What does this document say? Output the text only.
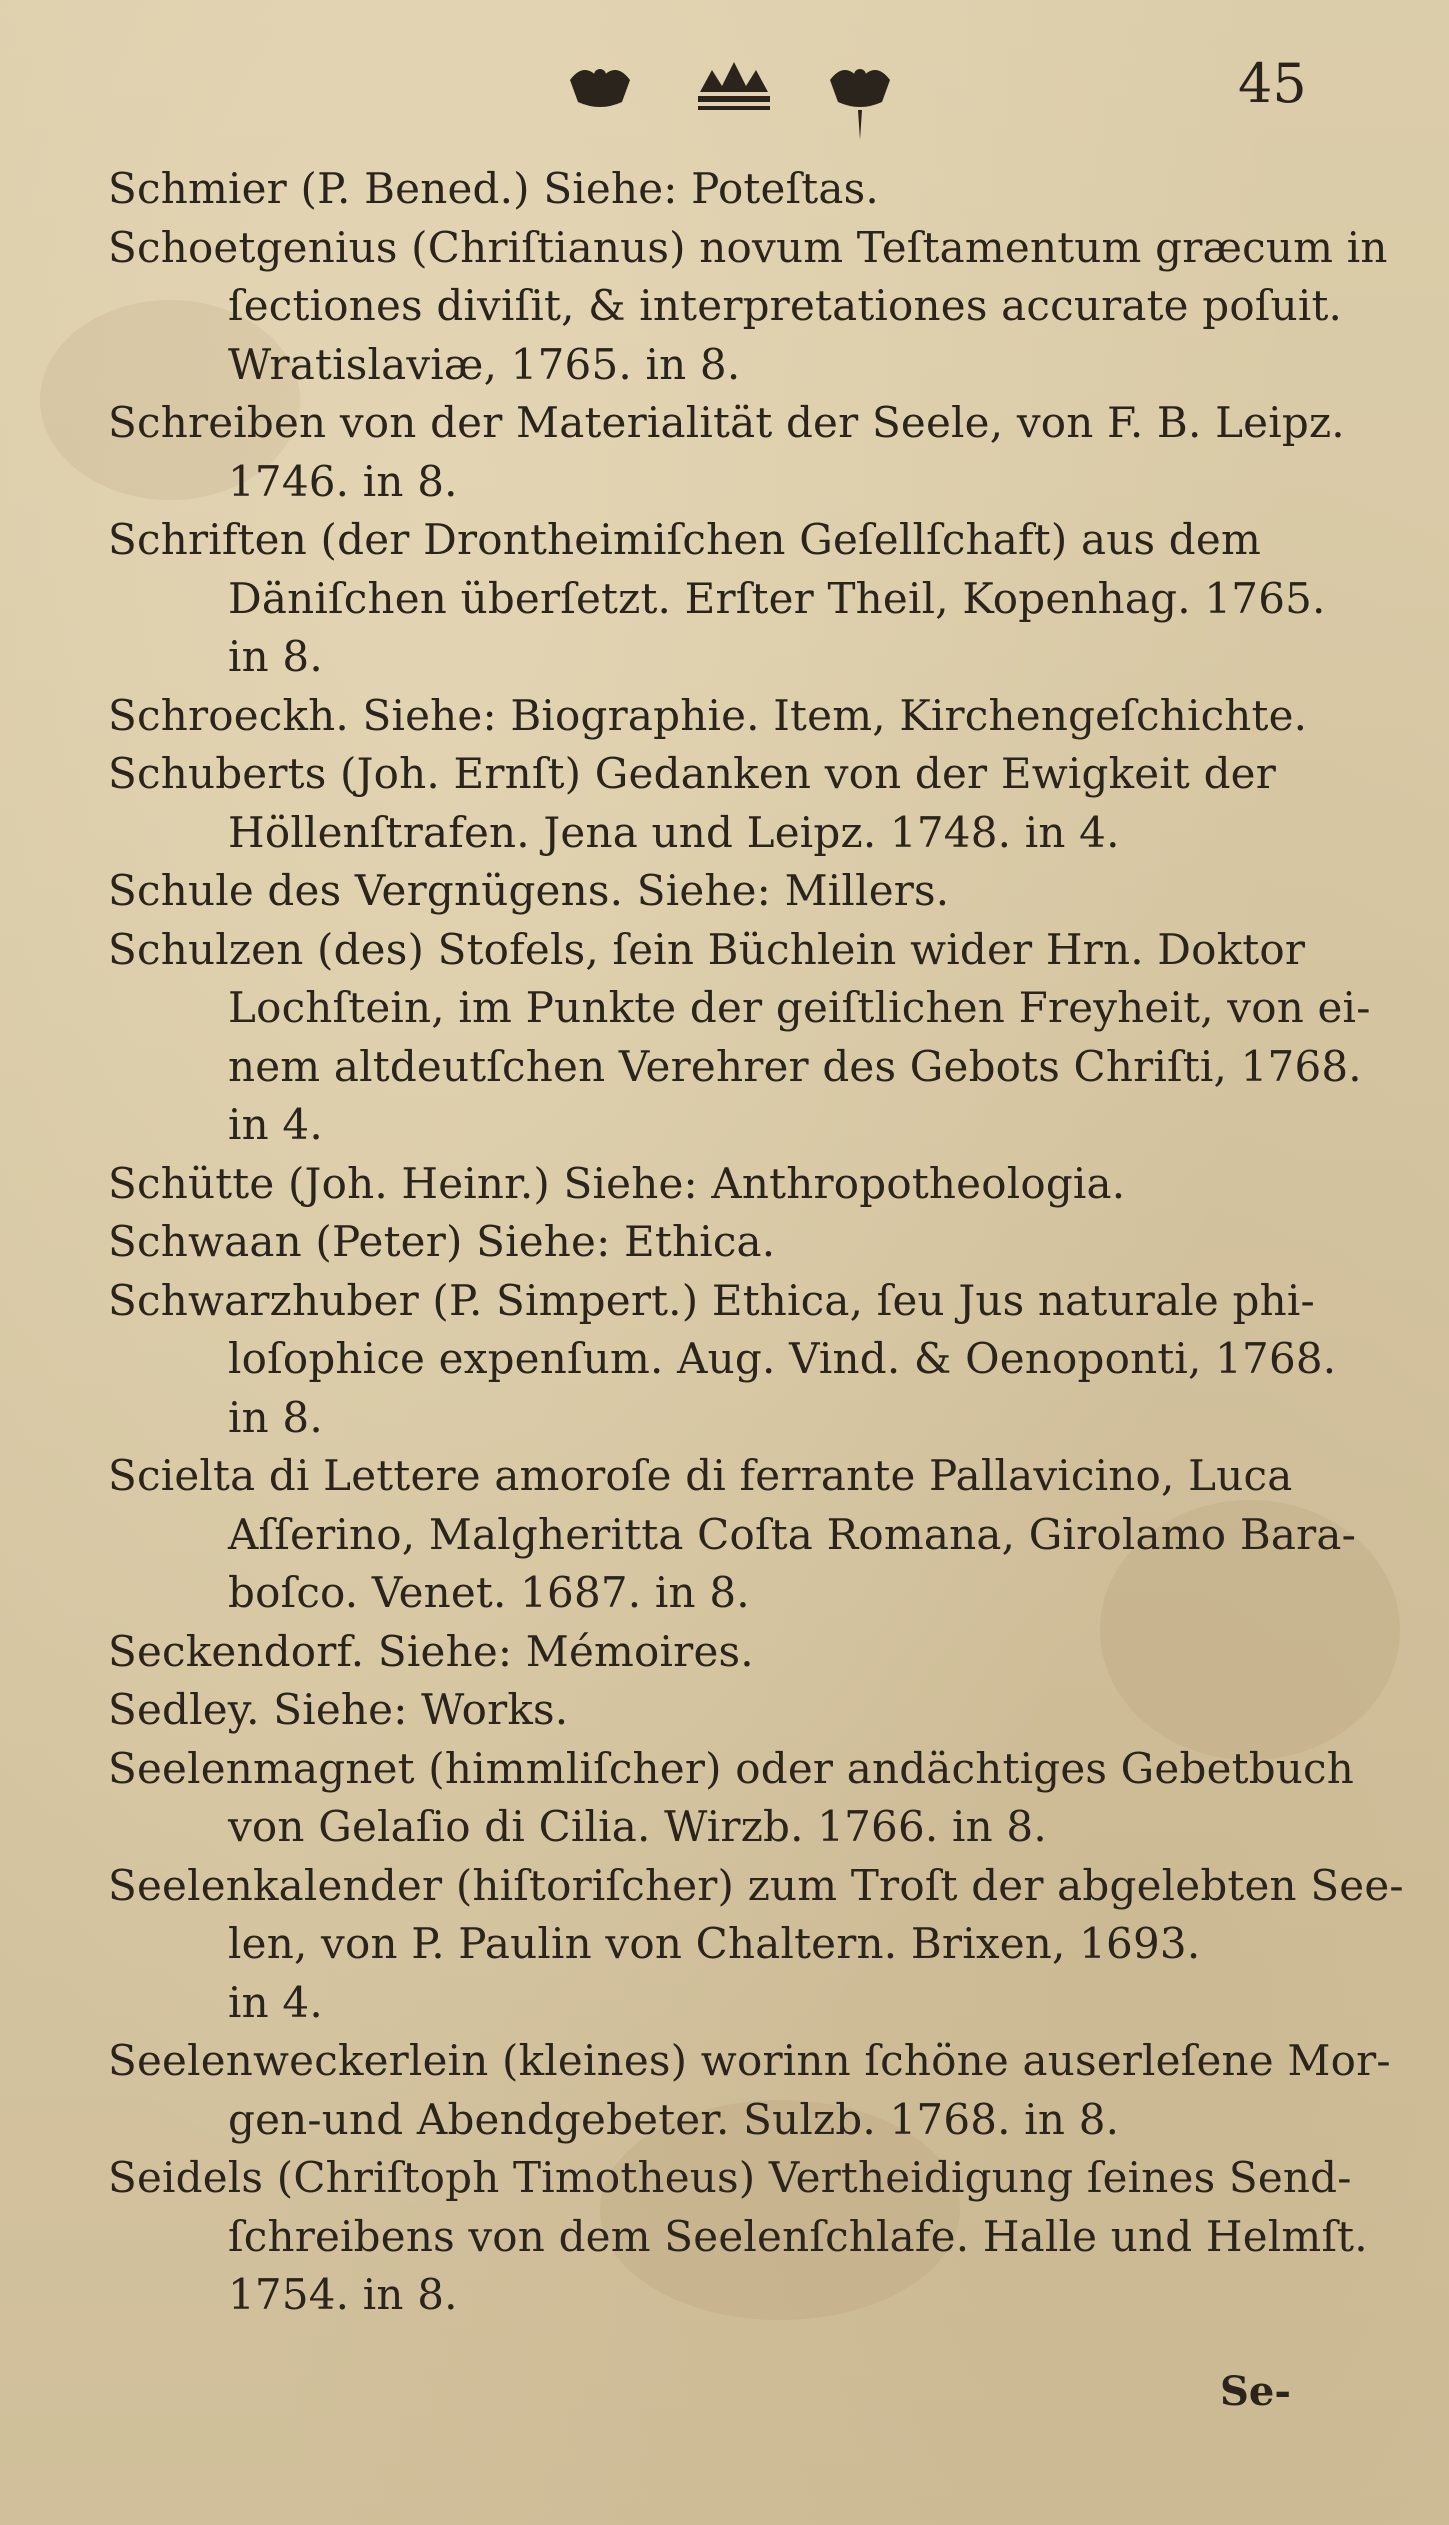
45
Schmier (P. Bened.) Siehe: Poteſtas.
Schoetgenius (Chriſtianus) novum Teſtamentum græcum in
ſectiones diviſit, & interpretationes accurate poſuit.
Wratislaviæ, 1765. in 8.
Schreiben von der Materialität der Seele, von F. B. Leipz.
1746. in 8.
Schriften (der Drontheimiſchen Geſellſchaft) aus dem
Däniſchen überſetzt. Erſter Theil, Kopenhag. 1765.
in 8.
Schroeckh. Siehe: Biographie. Item, Kirchengeſchichte.
Schuberts (Joh. Ernſt) Gedanken von der Ewigkeit der
Höllenſtrafen. Jena und Leipz. 1748. in 4.
Schule des Vergnügens. Siehe: Millers.
Schulzen (des) Stofels, ſein Büchlein wider Hrn. Doktor
Lochſtein, im Punkte der geiſtlichen Freyheit, von ei-
nem altdeutſchen Verehrer des Gebots Chriſti, 1768.
in 4.
Schütte (Joh. Heinr.) Siehe: Anthropotheologia.
Schwaan (Peter) Siehe: Ethica.
Schwarzhuber (P. Simpert.) Ethica, ſeu Jus naturale phi-
loſophice expenſum. Aug. Vind. & Oenoponti, 1768.
in 8.
Scielta di Lettere amoroſe di ferrante Pallavicino, Luca
Aſſerino, Malgheritta Coſta Romana, Girolamo Bara-
boſco. Venet. 1687. in 8.
Seckendorf. Siehe: Mémoires.
Sedley. Siehe: Works.
Seelenmagnet (himmliſcher) oder andächtiges Gebetbuch
von Gelaſio di Cilia. Wirzb. 1766. in 8.
Seelenkalender (hiſtoriſcher) zum Troſt der abgelebten See-
len, von P. Paulin von Chaltern. Brixen, 1693.
in 4.
Seelenweckerlein (kleines) worinn ſchöne auserleſene Mor-
gen-und Abendgebeter. Sulzb. 1768. in 8.
Seidels (Chriſtoph Timotheus) Vertheidigung ſeines Send-
ſchreibens von dem Seelenſchlafe. Halle und Helmſt.
1754. in 8.
Se-
